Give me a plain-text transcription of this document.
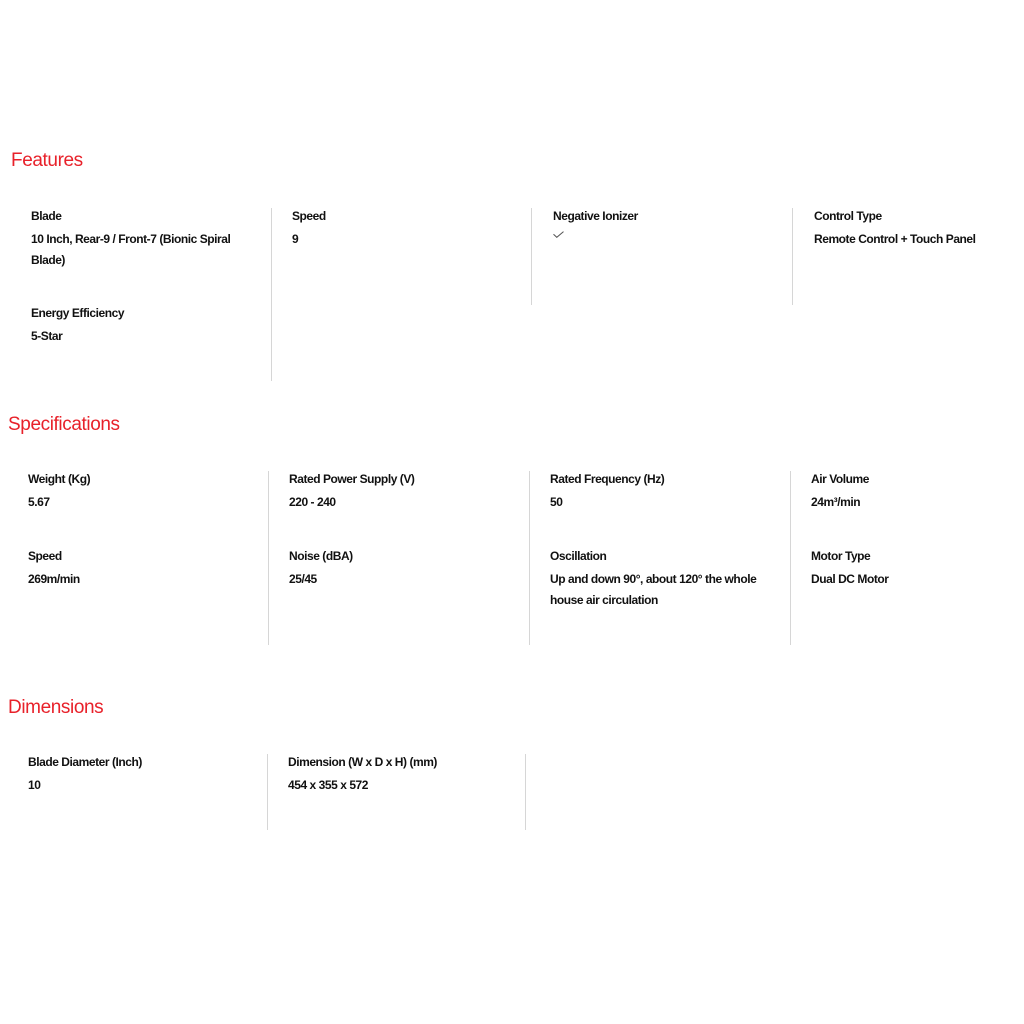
Features
Blade
10 Inch, Rear-9 / Front-7 (Bionic Spiral Blade)
Energy Efficiency
5-Star
Speed
9
Negative Ionizer	Control Type
Remote Control + Touch Panel
Specifications
Weight (Kg)
5.67
Speed
269m/min
Rated Power Supply (V)
220 - 240
Noise (dBA)
25/45
Rated Frequency (Hz)
50
Oscillation
Up and down 90°, about 120° the whole house air circulation
Air Volume
24m³/min
Motor Type
Dual DC Motor
Dimensions
Blade Diameter (Inch)
10
Dimension (W x D x H) (mm)
454 x 355 x 572
